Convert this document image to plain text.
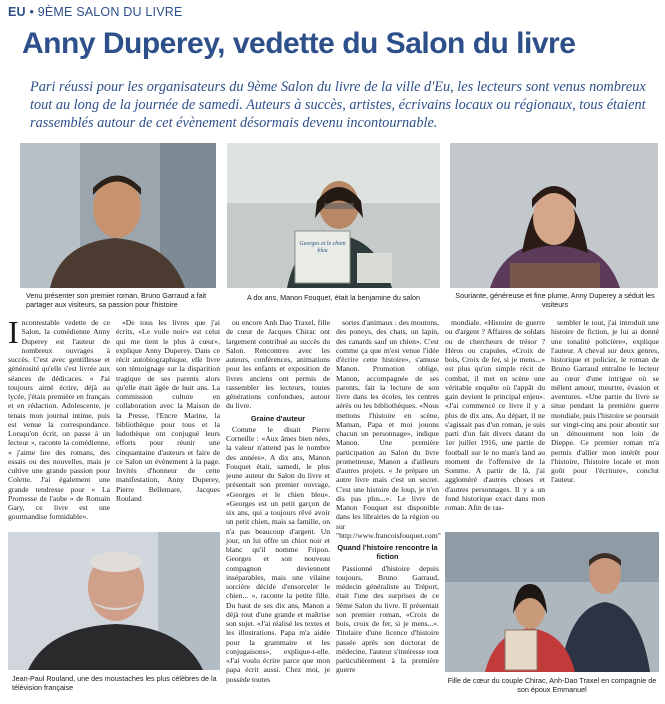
EU • 9ÈME SALON DU LIVRE
Anny Duperey, vedette du Salon du livre
Pari réussi pour les organisateurs du 9ème Salon du livre de la ville d'Eu, les lecteurs sont venus nombreux tout au long de la journée de samedi. Auteurs à succès, artistes, écrivains locaux ou régionaux, tous étaient rassemblés autour de cet évènement désormais devenu incontournable.
Venu présenter son premier roman, Bruno Garraud a fait partager aux visiteurs, sa passion pour l'histoire
Georges et le chien bleu
A dix ans, Manon Fouquet, était la benjamine du salon	Souriante, généreuse et fine plume, Anny Duperey a séduit les visiteurs
Incontestable vedette de ce Salon, la comédienne Anny Duperey est l'auteur de nombreux ouvrages à succès. C'est avec gentillesse et générosité qu'elle s'est livrée aux séances de dédicaces. « J'ai toujours aimé écrire, déjà au lycée, j'étais première en français et en rédaction. Adolescente, je tenais mon journal intime, puis est venue la correspondance. Lorsqu'on écrit, on passe à un lecteur », raconte la comédienne, « j'aime lire des romans, des essais ou des nouvelles, mais je cultive une grande passion pour Colette. J'ai également une grande tendresse pour « La Promesse de l'aube » de Romain Gary, ce livre est une gourmandise formidable».

«De tous les livres que j'ai écrits, «Le voile noir» est celui qui me tient le plus à cœur», explique Anny Duperey. Dans ce récit autobiographique, elle livre son témoignage sur la disparition tragique de ses parents alors qu'elle était âgée de huit ans. La commission culture en collaboration avec la Maison de la Presse, l'Encre Marine, la bibliothèque pour tous et la ludothèque ont conjugué leurs efforts pour réunir une cinquantaine d'auteurs et faire de ce Salon un évènement à la page. Invités d'honneur de cette manifestation, Anny Duperey, Pierre Bellemare, Jacques Rouland

ou encore Anh Dao Traxel, fille de cœur de Jacques Chirac ont largement contribué au succès du Salon. Rencontres avec les auteurs, conférences, animations pour les enfants et exposition de livres anciens ont permis de rassembler les lecteurs, toutes générations confondues, autour du livre.

Graine d'auteur

Comme le disait Pierre Corneille : «Aux âmes bien nées, la valeur n'attend pas le nombre des années». A dix ans, Manon Fouquet était, samedi, le plus jeune auteur du Salon du livre et présentait son premier ouvrage, «Georges et le chien bleu». «Georges est un petit garçon de six ans, qui a toujours rêvé avoir un petit chien, mais sa famille, on n'a pas beaucoup d'argent. Un jour, on lui offre un chiot noir et blanc qu'il nomme Fripon. Georges et son nouveau compagnon deviennent inséparables, mais une vilaine sorcière décide d'ensorceler le chien... », raconte la petite fille. Du haut de ses dix ans, Manon a déjà tout d'une grande et maîtrise son sujet. «J'ai réalisé les textes et les illustrations. Papa m'a aidée pour la grammaire et les conjugaisons», explique-t-elle. «J'ai voulu écrire parce que mon papa écrit aussi. Chez moi, je possède toutes

sortes d'animaux : des moutons, des poneys, des chats, un lapin, des canards sauf un chien». C'est comme ça que m'est venue l'idée d'écrire cette histoire», s'amuse Manon. Promotion oblige, Manon, accompagnée de ses parents, fait la lecture de son livre dans les écoles, les centres aérés ou les bibliothèques. «Nous mettons l'histoire en scène, Maman, Papa et moi jouons chacun un personnage», indique Manon. Une première participation au Salon du livre prometteuse, Manon a d'ailleurs d'autres projets. « Je prépare un autre livre mais c'est un secret. C'est une histoire de loup, je n'en dis pas plus...». Le livre de Manon Fouquet est disponible dans les librairies de la région ou sur "http://www.francoisfouquet.com"

Quand l'histoire rencontre la fiction

Passionné d'histoire depuis toujours, Bruno Garraud, médecin généraliste au Tréport, était l'une des surprises de ce 9ème Salon du livre. Il présentait son premier roman, «Croix de bois, croix de fer, si je mens...». Titulaire d'une licence d'histoire passée après son doctorat de médecine, l'auteur s'intéresse tout particulièrement à la première guerre

mondiale. «Histoire de guerre ou d'argent ? Affaires de soldats ou de chercheurs de trésor ? Héros ou crapules, «Croix de bois, Croix de fer, si je mens...» est plus qu'un simple récit de combat, il met en scène une véritable enquête où l'appât du gain devient le principal enjeu». «J'ai commencé ce livre il y a plus de dix ans. Au départ, il ne s'agissait pas d'un roman, je suis parti d'un fait divers datant du 1er juillet 1916, une partie de football sur le no man's land au moment de l'offensive de la Somme. A partir de là, j'ai aggloméré d'autres choses et d'autres personnages. Il y a un fond historique exact dans mon roman. Afin de ras-

sembler le tout, j'ai introduit une histoire de fiction, je lui ai donné une tonalité policière», explique l'auteur. A cheval sur deux genres, historique et policier, le roman de Bruno Garraud entraîne le lecteur au cœur d'une intrigue où se mêlent amour, meurtre, évasion et aventures. «Une partie du livre se situe pendant la première guerre mondiale, puis l'histoire se poursuit sur vingt-cinq ans pour aboutir sur un dénouement non loin de Dieppe. Ce premier roman m'a permis d'allier mon intérêt pour l'histoire, l'histoire locale et mon goût pour l'écriture», conclut l'auteur.

Jean-Paul Rouland, une des moustaches les plus célèbres de la télévision française
Fille de cœur du couple Chirac, Anh-Dao Traxel en compagnie de son époux Emmanuel
